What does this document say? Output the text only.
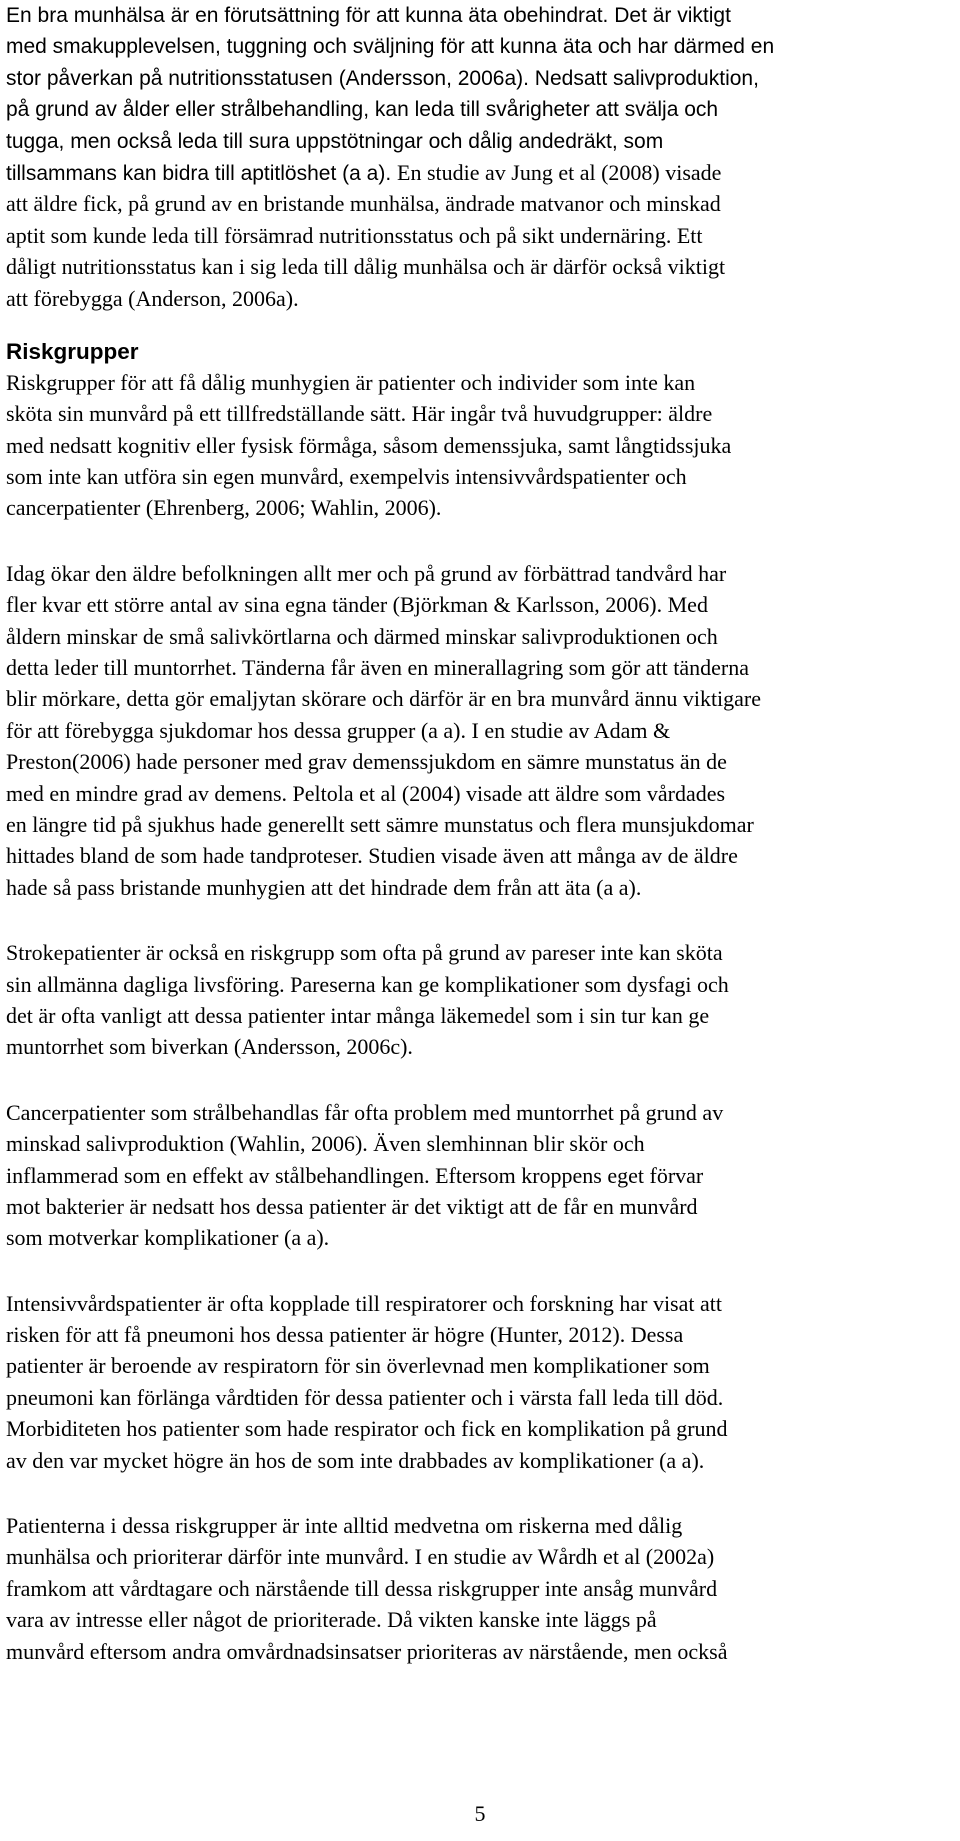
En bra munhälsa är en förutsättning för att kunna äta obehindrat. Det är viktigt
med smakupplevelsen, tuggning och sväljning för att kunna äta och har därmed en
stor påverkan på nutritionsstatusen (Andersson, 2006a). Nedsatt salivproduktion,
på grund av ålder eller strålbehandling, kan leda till svårigheter att svälja och
tugga, men också leda till sura uppstötningar och dålig andedräkt, som
tillsammans kan bidra till aptitlöshet (a a). En studie av Jung et al (2008) visade
att äldre fick, på grund av en bristande munhälsa, ändrade matvanor och minskad
aptit som kunde leda till försämrad nutritionsstatus och på sikt undernäring. Ett
dåligt nutritionsstatus kan i sig leda till dålig munhälsa och är därför också viktigt
att förebygga (Anderson, 2006a).
Riskgrupper
Riskgrupper för att få dålig munhygien är patienter och individer som inte kan
sköta sin munvård på ett tillfredställande sätt. Här ingår två huvudgrupper: äldre
med nedsatt kognitiv eller fysisk förmåga, såsom demenssjuka, samt långtidssjuka
som inte kan utföra sin egen munvård, exempelvis intensivvårdspatienter och
cancerpatienter (Ehrenberg, 2006; Wahlin, 2006).
Idag ökar den äldre befolkningen allt mer och på grund av förbättrad tandvård har
fler kvar ett större antal av sina egna tänder (Björkman & Karlsson, 2006). Med
åldern minskar de små salivkörtlarna och därmed minskar salivproduktionen och
detta leder till muntorrhet. Tänderna får även en minerallagring som gör att tänderna
blir mörkare, detta gör emaljytan skörare och därför är en bra munvård ännu viktigare
för att förebygga sjukdomar hos dessa grupper (a a). I en studie av Adam &
Preston(2006) hade personer med grav demenssjukdom en sämre munstatus än de
med en mindre grad av demens. Peltola et al (2004) visade att äldre som vårdades
en längre tid på sjukhus hade generellt sett sämre munstatus och flera munsjukdomar
hittades bland de som hade tandproteser. Studien visade även att många av de äldre
hade så pass bristande munhygien att det hindrade dem från att äta (a a).
Strokepatienter är också en riskgrupp som ofta på grund av pareser inte kan sköta
sin allmänna dagliga livsföring. Pareserna kan ge komplikationer som dysfagi och
det är ofta vanligt att dessa patienter intar många läkemedel som i sin tur kan ge
muntorrhet som biverkan (Andersson, 2006c).
Cancerpatienter som strålbehandlas får ofta problem med muntorrhet på grund av
minskad salivproduktion (Wahlin, 2006). Även slemhinnan blir skör och
inflammerad som en effekt av stålbehandlingen. Eftersom kroppens eget förvar
mot bakterier är nedsatt hos dessa patienter är det viktigt att de får en munvård
som motverkar komplikationer (a a).
Intensivvårdspatienter är ofta kopplade till respiratorer och forskning har visat att
risken för att få pneumoni hos dessa patienter är högre (Hunter, 2012). Dessa
patienter är beroende av respiratorn för sin överlevnad men komplikationer som
pneumoni kan förlänga vårdtiden för dessa patienter och i värsta fall leda till död.
Morbiditeten hos patienter som hade respirator och fick en komplikation på grund
av den var mycket högre än hos de som inte drabbades av komplikationer (a a).
Patienterna i dessa riskgrupper är inte alltid medvetna om riskerna med dålig
munhälsa och prioriterar därför inte munvård. I en studie av Wårdh et al (2002a)
framkom att vårdtagare och närstående till dessa riskgrupper inte ansåg munvård
vara av intresse eller något de prioriterade. Då vikten kanske inte läggs på
munvård eftersom andra omvårdnadsinsatser prioriteras av närstående, men också
5
